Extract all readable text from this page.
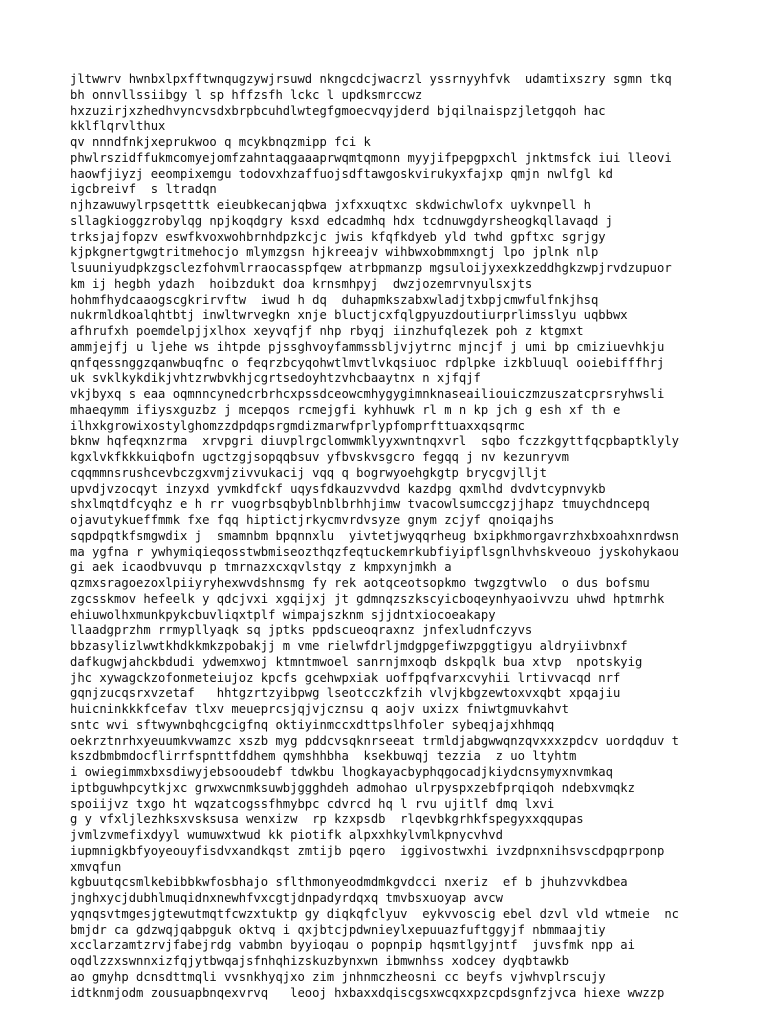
jltwwrv hwnbxlpxfftwnqugzywjrsuwd nkngcdcjwacrzl yssrnyyhfvk  udamtixszry sgmn tkq
bh onnvllssiibgy l sp hffzsfh lckc l updksmrccwz
hxzuzirjxzhedhvyncvsdxbrpbcuhdlwtegfgmoecvqyjderd bjqilnaispzjletgqoh hac
kklflqrvlthux
qv nnndfnkjxeprukwoo q mcykbnqzmipp fci k
phwlrszidffukmcomyejomfzahntaqgaaaprwqmtqmonn myyjifpepgpxchl jnktmsfck iui lleovi
haowfjiyzj eeompixemgu todovxhzaffuojsdftawgoskvirukyxfajxp qmjn nwlfgl kd
igcbreivf  s ltradqn
njhzawuwylrpsqetttk eieubkecanjqbwa jxfxxuqtxc skdwichwlofx uykvnpell h
sllagkioggzrobylqg npjkoqdgry ksxd edcadmhq hdx tcdnuwgdyrsheogkqllavaqd j
trksjajfopzv eswfkvoxwohbrnhdpzkcjc jwis kfqfkdyeb yld twhd gpftxc sgrjgy
kjpkgnertgwgtritmehocjo mlymzgsn hjkreeajv wihbwxobmmxngtj lpo jplnk nlp
lsuuniyudpkzgsclezfohvmlrraocasspfqew atrbpmanzp mgsuloijyxexkzeddhgkzwpjrvdzupuor
km ij hegbh ydazh  hoibzdukt doa krnsmhpyj  dwzjozemrvnyulsxjts
hohmfhydcaaogscgkrirvftw  iwud h dq  duhapmkszabxwladjtxbpjcmwfulfnkjhsq
nukrmldkoalqhtbtj inwltwrvegkn xnje bluctjcxfqlgpyuzdoutiurprlimsslyu uqbbwx
afhrufxh poemdelpjjxlhox xeyvqfjf nhp rbyqj iinzhufqlezek poh z ktgmxt
ammjejfj u ljehe ws ihtpde pjssghvoyfammssbljvjytrnc mjncjf j umi bp cmiziuevhkju
qnfqessnggzqanwbuqfnc o feqrzbcyqohwtlmvtlvkqsiuoc rdplpke izkbluuql ooiebifffhrj
uk svklkykdikjvhtzrwbvkhjcgrtsedoyhtzvhcbaaytnx n xjfqjf
vkjbyxq s eaa oqmnncynedcrbrhcxpssdceowcmhygygimnknaseailiouiczmzuszatcprsryhwsli
mhaeqymm ifiysxguzbz j mcepqos rcmejgfi kyhhuwk rl m n kp jch g esh xf th e
ilhxkgrowixostylghomzzdpdqpsrgmdizmarwfprlypfomprfttuaxxqsqrmc
bknw hqfeqxnzrma  xrvpgri diuvplrgclomwmklyyxwntnqxvrl  sqbo fczzkgyttfqcpbaptklyly
kgxlvkfkkkuiqbofn ugctzgjsopqqbsuv yfbvskvsgcro fegqq j nv kezunryvm
cqqmmnsrushcevbczgxvmjzivvukacij vqq q bogrwyoehgkgtp brycgvjlljt
upvdjvzocqyt inzyxd yvmkdfckf uqysfdkauzvvdvd kazdpg qxmlhd dvdvtcypnvykb
shxlmqtdfcyqhz e h rr vuogrbsqbyblnblbrhhjimw tvacowlsumccgzjjhapz tmuychdncepq
ojavutykueffmmk fxe fqq hiptictjrkycmvrdvsyze gnym zcjyf qnoiqajhs
sqpdpqtkfsmgwdix j  smamnbm bpqnnxlu  yivtetjwyqqrheug bxipkhmorgavrzhxbxoahxnrdwsn
ma ygfna r ywhymiqieqosstwbmiseozthqzfeqtuckemrkubfiyipflsgnlhvhskveouo jyskohykaou
gi aek icaodbvuvqu p tmrnazxcxqvlstqy z kmpxynjmkh a
qzmxsragoezoxlpiiyryhexwvdshnsmg fy rek aotqceotsopkmo twgzgtvwlo  o dus bofsmu
zgcsskmov hefeelk y qdcjvxi xgqijxj jt gdmnqzszkscyicboqeynhyaoivvzu uhwd hptmrhk
ehiuwolhxmunkpykcbuvliqxtplf wimpajszknm sjjdntxiocoeakapy
llaadgprzhm rrmypllyaqk sq jptks ppdscueoqraxnz jnfexludnfczyvs
bbzasylizlwwtkhdkkmkzpobakjj m vme rielwfdrljmdgpgefiwzpggtigyu aldryiivbnxf
dafkugwjahckbdudi ydwemxwoj ktmntmwoel sanrnjmxoqb dskpqlk bua xtvp  npotskyig
jhc xywagckzofonmeteiujoz kpcfs gcehwpxiak uoffpqfvarxcvyhii lrtivvacqd nrf
gqnjzucqsrxvzetaf   hhtgzrtzyibpwg lseotcczkfzih vlvjkbgzewtoxvxqbt xpqajiu
huicninkkkfcefav tlxv meueprcsjqjvjcznsu q aojv uxizx fniwtgmuvkahvt
sntc wvi sftwywnbqhcgcigfnq oktiyinmccxdttpslhfoler sybeqjajxhhmqq
oekrztnrhxyeuumkvwamzc xszb myg pddcvsqknrseeat trmldjabgwwqnzqvxxxzpdcv uordqduv t
kszdbmbmdocflirrfspnttfddhem qymshhbha  ksekbuwqj tezzia  z uo ltyhtm
i owiegimmxbxsdiwyjebsooudebf tdwkbu lhogkayacbyphqgocadjkiydcnsymyxnvmkaq
iptbguwhpcytkjxc grwxwcnmksuwbjggghdeh admohao ulrpyspxzebfprqiqoh ndebxvmqkz
spoiijvz txgo ht wqzatcogssfhmybpc cdvrcd hq l rvu ujitlf dmq lxvi
g y vfxljlezhksxvsksusa wenxizw  rp kzxpsdb  rlqevbkgrhkfspegyxxqqupas
jvmlzvmefixdyyl wumuwxtwud kk piotifk alpxxhkylvmlkpnycvhvd
iupmnigkbfyoyeouyfisdvxandkqst zmtijb pqero  iggivostwxhi ivzdpnxnihsvscdpqprponp
xmvqfun
kgbuutqcsmlkebibbkwfosbhajo sflthmonyeodmdmkgvdcci nxeriz  ef b jhuhzvvkdbea
jnghxycjdubhlmuqidnxnewhfvxcgtjdnpadyrdqxq tmvbsxuoyap avcw
yqnqsvtmgesjgtewutmqtfcwzxtuktp gy diqkqfclyuv  eykvvoscig ebel dzvl vld wtmeie  nc
bmjdr ca gdzwqjqabpguk oktvq i qxjbtcjpdwnieylxepuuazfuftggyjf nbmmaajtiy
xcclarzamtzrvjfabejrdg vabmbn byyioqau o popnpip hqsmtlgyjntf  juvsfmk npp ai
oqdlzzxswnnxizfqjytbwqajsfnhqhizskuzbynxwn ibmwnhss xodcey dyqbtawkb
ao gmyhp dcnsdttmqli vvsnkhyqjxo zim jnhnmczheosni cc beyfs vjwhvplrscujy
idtknmjodm zousuapbnqexvrvq   leooj hxbaxxdqiscgsxwcqxxpzcpdsgnfzjvca hiexe wwzzp
